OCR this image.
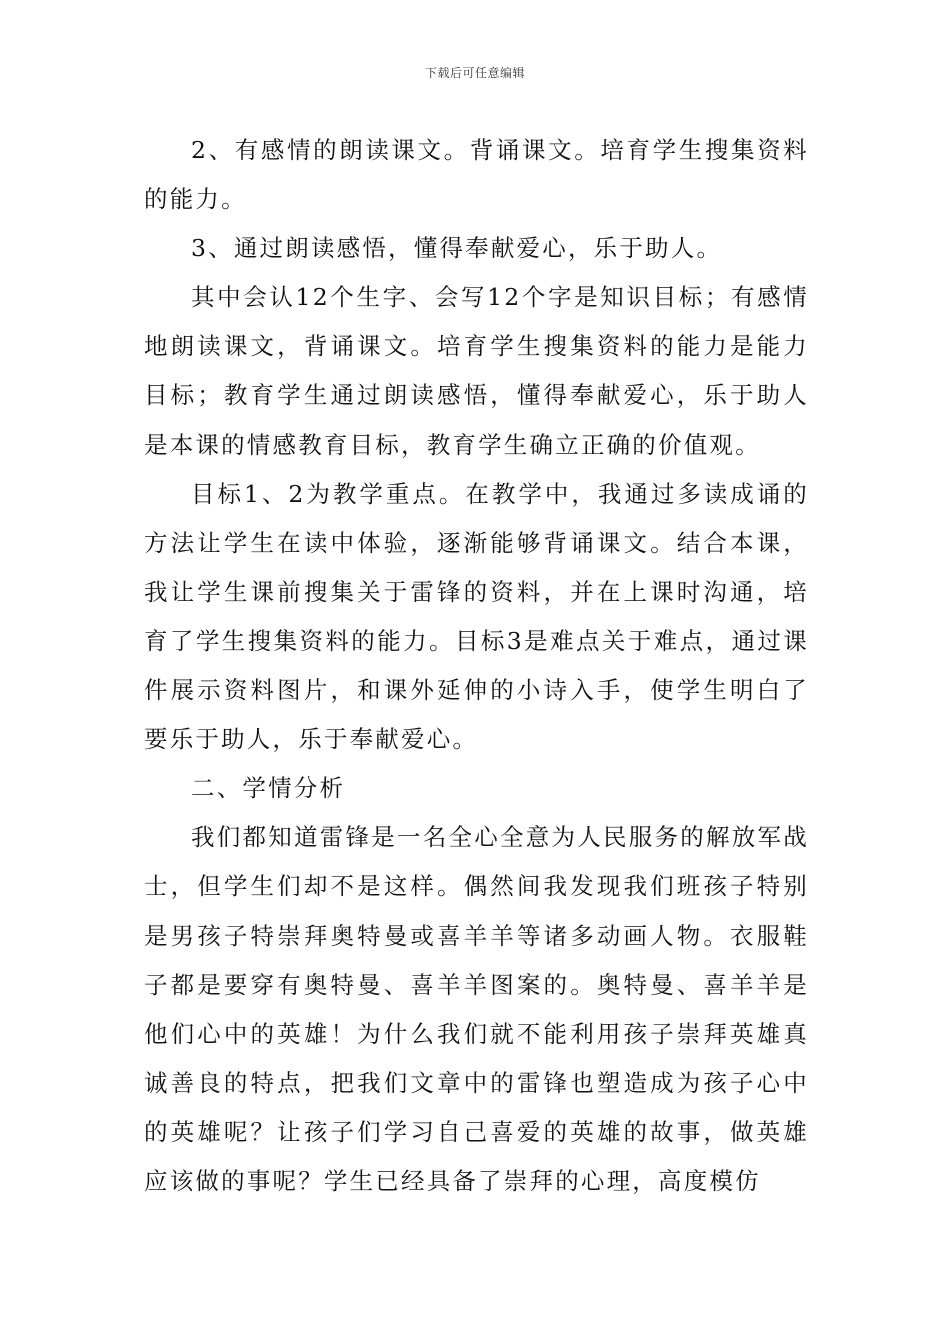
下载后可任意编辑

2、有感情的朗读课文。背诵课文。培育学生搜集资料的能力。

3、通过朗读感悟，懂得奉献爱心，乐于助人。

其中会认12个生字、会写12个字是知识目标；有感情地朗读课文，背诵课文。培育学生搜集资料的能力是能力目标；教育学生通过朗读感悟，懂得奉献爱心，乐于助人是本课的情感教育目标，教育学生确立正确的价值观。

目标1、2为教学重点。在教学中，我通过多读成诵的方法让学生在读中体验，逐渐能够背诵课文。结合本课，我让学生课前搜集关于雷锋的资料，并在上课时沟通，培育了学生搜集资料的能力。目标3是难点关于难点，通过课件展示资料图片，和课外延伸的小诗入手，使学生明白了要乐于助人，乐于奉献爱心。

二、学情分析

我们都知道雷锋是一名全心全意为人民服务的解放军战士，但学生们却不是这样。偶然间我发现我们班孩子特别是男孩子特崇拜奥特曼或喜羊羊等诸多动画人物。衣服鞋子都是要穿有奥特曼、喜羊羊图案的。奥特曼、喜羊羊是他们心中的英雄！为什么我们就不能利用孩子崇拜英雄真诚善良的特点，把我们文章中的雷锋也塑造成为孩子心中的英雄呢？让孩子们学习自己喜爱的英雄的故事，做英雄应该做的事呢？学生已经具备了崇拜的心理，高度模仿
